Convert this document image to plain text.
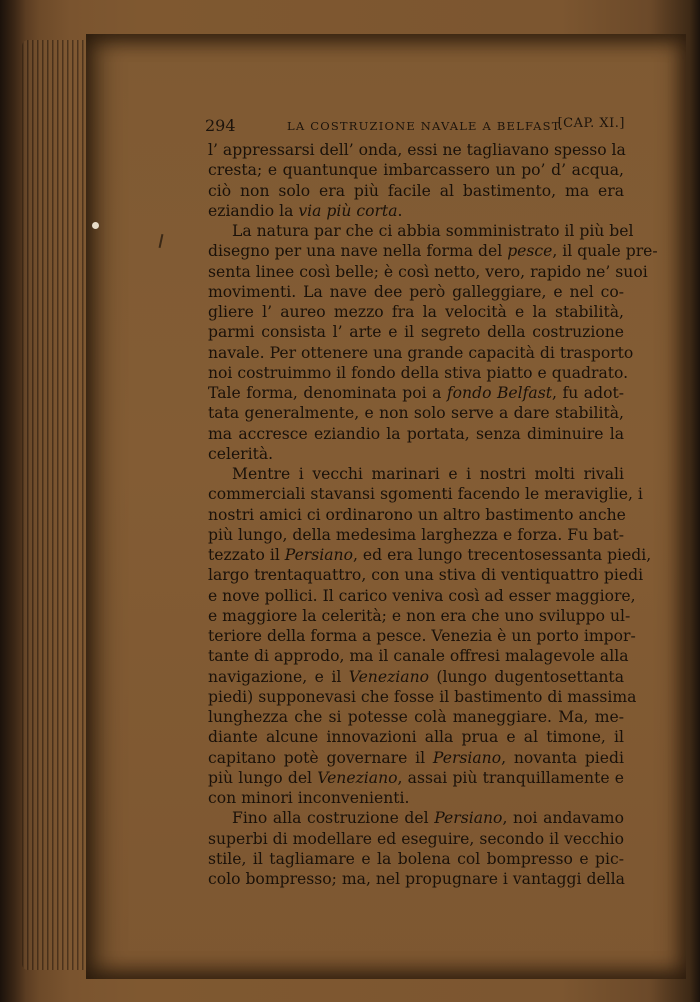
294	LA COSTRUZIONE NAVALE A BELFAST.
[CAP. XI.]
l’ appressarsi dell’ onda, essi ne tagliavano spesso la
cresta; e quantunque imbarcassero un po’ d’ acqua,
ciò non solo era più facile al bastimento, ma era
eziandio la via più corta.
La natura par che ci abbia somministrato il più bel
disegno per una nave nella forma del pesce, il quale pre-
senta linee così belle; è così netto, vero, rapido ne’ suoi
movimenti. La nave dee però galleggiare, e nel co-
gliere l’ aureo mezzo fra la velocità e la stabilità,
parmi consista l’ arte e il segreto della costruzione
navale. Per ottenere una grande capacità di trasporto
noi costruimmo il fondo della stiva piatto e quadrato.
Tale forma, denominata poi a fondo Belfast, fu adot-
tata generalmente, e non solo serve a dare stabilità,
ma accresce eziandio la portata, senza diminuire la
celerità.
Mentre i vecchi marinari e i nostri molti rivali
commerciali stavansi sgomenti facendo le meraviglie, i
nostri amici ci ordinarono un altro bastimento anche
più lungo, della medesima larghezza e forza. Fu bat-
tezzato il Persiano, ed era lungo trecentosessanta piedi,
largo trentaquattro, con una stiva di ventiquattro piedi
e nove pollici. Il carico veniva così ad esser maggiore,
e maggiore la celerità; e non era che uno sviluppo ul-
teriore della forma a pesce. Venezia è un porto impor-
tante di approdo, ma il canale offresi malagevole alla
navigazione, e il Veneziano (lungo dugentosettanta
piedi) supponevasi che fosse il bastimento di massima
lunghezza che si potesse colà maneggiare. Ma, me-
diante alcune innovazioni alla prua e al timone, il
capitano potè governare il Persiano, novanta piedi
più lungo del Veneziano, assai più tranquillamente e
con minori inconvenienti.
Fino alla costruzione del Persiano, noi andavamo
superbi di modellare ed eseguire, secondo il vecchio
stile, il tagliamare e la bolena col bompresso e pic-
colo bompresso; ma, nel propugnare i vantaggi della
